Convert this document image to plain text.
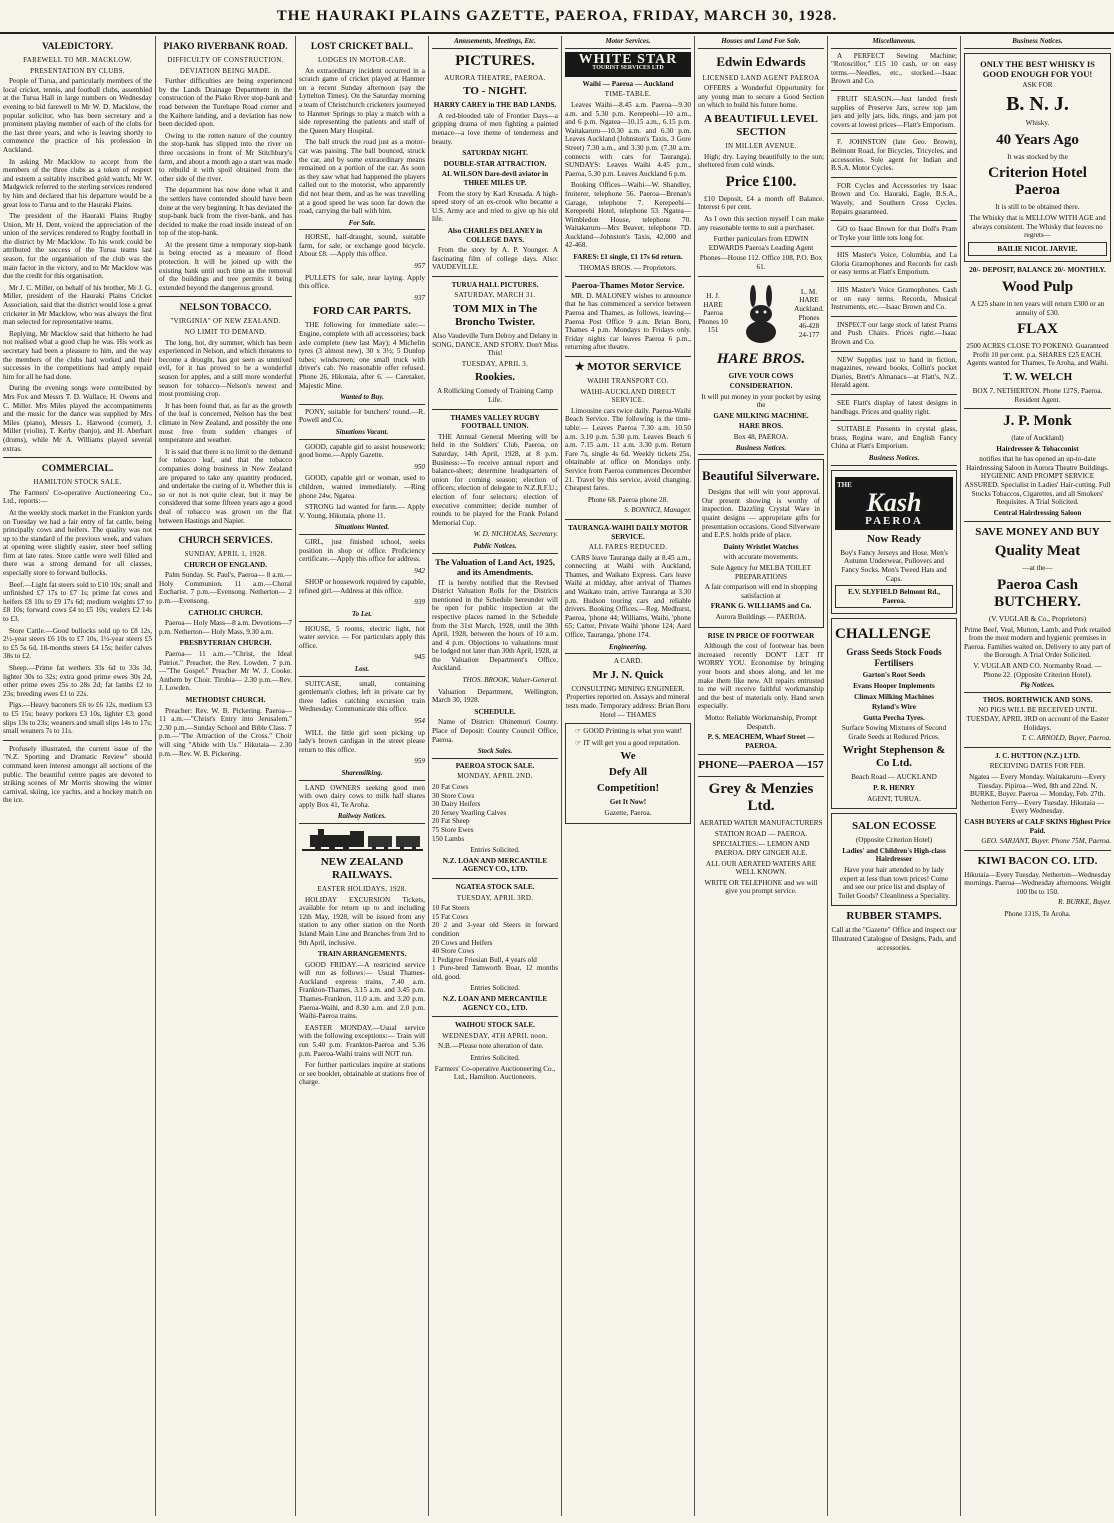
THE HAURAKI PLAINS GAZETTE, PAEROA, FRIDAY, MARCH 30, 1928.
VALEDICTORY.
FAREWELL TO MR. MACKLOW.
PRESENTATION BY CLUBS.

People of Turua, and particularly members of the local cricket, tennis, and football clubs, assembled at the Turua Hall in large numbers on Wednesday evening to bid farewell to Mr W. D. Macklow, the popular solicitor, who has been secretary and a prominent playing member of each of the clubs for the last three years, and who is leaving shortly to commence the practice of his profession in Auckland.

In asking Mr Macklow to accept from the members of the three clubs as a token of respect and esteem a suitably inscribed gold watch, Mr W. Madgwick referred to the sterling services rendered by him and declared that his departure would be a great loss to Turua and to the Hauraki Plains.

The president of the Hauraki Plains Rugby Union, Mr H. Dent, voiced the appreciation of the union of the services rendered to Rugby football in the district by Mr Macklow. To his work could be attributed the success of the Turua teams last season, for the organisation of the club was the main factor in the victory, and to Mr Macklow was due the credit for this organisation.

Mr J. C. Miller, on behalf of his brother, Mr J. G. Miller, president of the Hauraki Plains Cricket Association, said that the district would lose a great cricketer in Mr Macklow, who was always the first man selected for representative teams.

Replying, Mr Macklow said that hitherto he had not realised what a good chap he was. His work as secretary had been a pleasure to him, and the way the members of the clubs had worked and their successes in the competitions had amply repaid him for all he had done.

During the evening songs were contributed by Mrs Fox and Messrs T. D. Wallace, H. Owens and C. Miller. Mrs Miles played the accompaniments and the music for the dance was supplied by Mrs Miles (piano), Messrs L. Harwood (cornet), J. Miller (violin), T. Kerby (banjo), and H. Aberhart (drums), while Mr A. Williams played several extras.

COMMERCIAL.
HAMILTON STOCK SALE.

The Farmers' Co-operative Auctioneering Co., Ltd., reports:—

At the weekly stock market in the Frankton yards on Tuesday we had a fair entry of fat cattle, being principally cows and heifers. The quality was not up to the standard of the previous week, and values at opening were slightly easier, steer beef selling firm at late rates. Store cattle were well filled and there was a strong demand for all classes, especially store to forward bullocks.

Beef.—Light fat steers sold to £10 10s; small and unfinished £7 17s to £7 1s; prime fat cows and heifers £8 10s to £9 17s 6d; medium weights £7 to £8 10s; forward cows £4 to £5 10s; vealers £2 14s to £3.

Store Cattle.—Good bullocks sold up to £8 12s, 2½-year steers £6 10s to £7 10s, 1½-year steers £5 to £5 5s 6d, 18-months steers £4 15s; heifer calves 38s to £2.

Sheep.—Prime fat wethers 33s 6d to 33s 3d, lighter 30s to 32s; extra good prime ewes 30s 2d, other prime ewes 25s to 28s 2d; fat lambs £2 to 23s; breeding ewes £1 to 22s.

Pigs.—Heavy baconers £6 to £6 12s, medium £3 to £5 15s; heavy porkers £3 10s, lighter £3; good slips 13s to 23s; weaners and small slips 14s to 17s; small weaners 7s to 11s.

Profusely illustrated, the current issue of the "N.Z. Sporting and Dramatic Review" should command keen interest amongst all sections of the public. The beautiful centre pages are devoted to striking scenes of Mr Morris showing the winter carnival, skiing, ice yachts, and a hockey match on the ice.

PIAKO RIVERBANK ROAD.
DIFFICULTY OF CONSTRUCTION.
DEVIATION BEING MADE.

Further difficulties are being experienced by the Lands Drainage Department in the construction of the Piako River stop-bank and road between the Turehape Road corner and the Kaihere landing, and a deviation has now been decided upon.

Owing to the rotten nature of the country the stop-bank has slipped into the river on three occasions in front of Mr Stitchbury's farm, and about a month ago a start was made to rebuild it with spoil obtained from the other side of the river.

The department has now done what it and the settlers have contended should have been done at the very beginning. It has deviated the stop-bank back from the river-bank, and has decided to make the road inside instead of on top of the stop-bank.

At the present time a temporary stop-bank is being erected as a measure of flood protection. It will be joined up with the existing bank until such time as the removal of the buildings and tree permits it being extended beyond the dangerous ground.

NELSON TOBACCO.
"VIRGINIA" OF NEW ZEALAND.
NO LIMIT TO DEMAND.

The long, hot, dry summer, which has been experienced in Nelson, and which threatens to become a drought, has got seen as unmixed evil, for it has proved to be a wonderful season for apples, and a still more wonderful season for tobacco—Nelson's newest and most promising crop.

It has been found that, as far as the growth of the leaf is concerned, Nelson has the best climate in New Zealand, and possibly the one most free from sudden changes of temperature and weather.

It is said that there is no limit to the demand for tobacco leaf, and that the tobacco companies doing business in New Zealand are prepared to take any quantity produced, and undertake the curing of it. Whether this is so or not is not quite clear, but it may be considered that some fifteen years ago a good deal of tobacco was grown on the flat between Hastings and Napier.

CHURCH SERVICES.
SUNDAY, APRIL 1, 1928.
CHURCH OF ENGLAND.

Palm Sunday. St. Paul's, Paeroa— 8 a.m.—Holy Communion. 11 a.m.—Choral Eucharist. 7 p.m.—Evensong. Netherton— 2 p.m.—Evensong.

CATHOLIC CHURCH.

Paeroa— Holy Mass—8 a.m. Devotions—7 p.m. Netherton— Holy Mass, 9.30 a.m.

PRESBYTERIAN CHURCH.

Paeroa— 11 a.m.—"Christ, the Ideal Patriot." Preacher, the Rev. Lowden. 7 p.m.—"The Gospel." Preacher Mr W. J. Cooke. Anthem by Choir. Tirohia— 2.30 p.m.—Rev. J. Lowden.

METHODIST CHURCH.

Preacher: Rev. W. B. Pickering. Paeroa— 11 a.m.—"Christ's Entry into Jerusalem." 2.30 p.m.—Sunday School and Bible Class. 7 p.m.—"The Attraction of the Cross." Choir will sing "Abide with Us." Hikutaia— 2.30 p.m.—Rev. W. B. Pickering.

LOST CRICKET BALL.
LODGES IN MOTOR-CAR.

An extraordinary incident occurred in a scratch game of cricket played at Hanmer on a recent Sunday afternoon (say the Lyttelton Times). On the Saturday morning a team of Christchurch cricketers journeyed to Hanmer Springs to play a match with a side representing the patients and staff of the Queen Mary Hospital.

The ball struck the road just as a motor-car was passing. The ball bounced, struck the car, and by some extraordinary means remained on a portion of the car. As soon as they saw what had happened the players called out to the motorist, who apparently did not hear them, and as he was travelling at a good speed he was soon far down the road, carrying the ball with him.

For Sale.

HORSE, half-draught, sound, suitable farm, for sale, or exchange good bicycle. About £8. —Apply this office.

957

PULLETS for sale, near laying. Apply this office.

937
FORD CAR PARTS.

THE following for immediate sale:—Engine, complete with all accessories; back axle complete (new last May); 4 Michelin tyres (3 almost new), 30 x 3½; 5 Dunlop tubes; windscreen; one small truck with driver's cab. No reasonable offer refused. Phone 26, Hikutaia, after 6. — Caretaker, Majestic Mine.

Wanted to Buy.

PONY, suitable for butchers' round.—R. Powell and Co.

Situations Vacant.

GOOD, capable girl to assist housework; good home.—Apply Gazette.

950

GOOD, capable girl or woman, used to children, wanted immediately. —Ring phone 24w, Ngatea.

STRONG lad wanted for farm.— Apply V. Young, Hikutaia, phone 11.

Situations Wanted.

GIRL, just finished school, seeks position in shop or office. Proficiency certificate.—Apply this office for address.

942

SHOP or housework required by capable, refined girl.—Address at this office.

939
To Let.

HOUSE, 5 rooms, electric light, hot water service. — For particulars apply this office.

945
Lost.

SUITCASE, small, containing gentleman's clothes, left in private car by three ladies catching excursion train Wednesday. Communicate this office.

954

WILL the little girl seen picking up lady's brown cardigan in the street please return to this office.

959
Sharemilking.

LAND OWNERS seeking good men with own dairy cows to milk half shares apply Box 41, Te Aroha.

Railway Notices.
NEW ZEALAND RAILWAYS.
EASTER HOLIDAYS, 1928.

HOLIDAY EXCURSION Tickets, available for return up to and including 12th May, 1928, will be issued from any station to any other station on the North Island Main Line and Branches from 3rd to 9th April, inclusive.

TRAIN ARRANGEMENTS.

GOOD FRIDAY.—A restricted service will run as follows:— Usual Thames-Auckland express trains, 7.40 a.m. Frankton-Thames, 3.15 a.m. and 3.45 p.m. Thames-Frankton, 11.0 a.m. and 3.20 p.m. Paeroa-Waihi, and 8.30 a.m. and 2.0 p.m. Waihi-Paeroa trains.

EASTER MONDAY.—Usual service with the following exceptions:— Train will run 5.40 p.m. Frankton-Paeroa and 5.36 p.m. Paeroa-Waihi trains will NOT run.

For further particulars inquire at stations or see booklet, obtainable at stations free of charge.

Amusements, Meetings, Etc.
PICTURES.
AURORA THEATRE, PAEROA.
TO - NIGHT.
HARRY CAREY in THE BAD LANDS.

A red-blooded tale of Frontier Days—a gripping drama of men fighting a painted menace—a love theme of tenderness and beauty.

SATURDAY NIGHT.
DOUBLE-STAR ATTRACTION.
AL WILSON Dare-devil aviator in THREE MILES UP.

From the story by Karl Krusada. A high-speed story of an ex-crook who became a U.S. Army ace and tried to give up his old life.

Also CHARLES DELANEY in COLLEGE DAYS.

From the story by A. P. Younger. A fascinating film of college days. Also: VAUDEVILLE.

TURUA HALL PICTURES.
SATURDAY, MARCH 31.
TOM MIX in The Broncho Twister.

Also Vaudeville Turn Delroy and Delany in SONG, DANCE, AND STORY. Don't Miss This!

TUESDAY, APRIL 3.
Rookies.

A Rollicking Comedy of Training Camp Life.

THAMES VALLEY RUGBY FOOTBALL UNION.

THE Annual General Meeting will be held in the Soldiers' Club, Paeroa, on Saturday, 14th April, 1928, at 8 p.m. Business:—To receive annual report and balance-sheet; determine headquarters of union for coming season; election of officers; election of delegate to N.Z.R.F.U.; election of four selectors; election of executive committee; decide number of rounds to be played for the Frank Poland Memorial Cup.

W. D. NICHOLAS, Secretary.
Public Notices.
The Valuation of Land Act, 1925, and its Amendments.

IT is hereby notified that the Revised District Valuation Rolls for the Districts mentioned in the Schedule hereunder will be open for public inspection at the respective places named in the Schedule from the 31st March, 1928, until the 30th April, 1928, between the hours of 10 a.m. and 4 p.m. Objections to valuations must be lodged not later than 30th April, 1928, at the Valuation Department's Office, Auckland.

THOS. BROOK, Valuer-General.

Valuation Department, Wellington, March 30, 1928.

SCHEDULE.

Name of District: Ohinemuri County. Place of Deposit: County Council Office, Paeroa.

Stock Sales.
PAEROA STOCK SALE.
MONDAY, APRIL 2ND.

20 Fat Cows
30 Store Cows
30 Dairy Heifers
20 Jersey Yearling Calves
20 Fat Sheep
75 Store Ewes
150 Lambs

Entries Solicited.
N.Z. LOAN AND MERCANTILE AGENCY CO., LTD.
NGATEA STOCK SALE.
TUESDAY, APRIL 3RD.

10 Fat Steers
15 Fat Cows
20 2 and 3-year old Steers in forward condition
20 Cows and Heifers
40 Store Cows
1 Pedigree Friesian Bull, 4 years old
1 Pure-bred Tamworth Boar, 12 months old, good.

Entries Solicited.
N.Z. LOAN AND MERCANTILE AGENCY CO., LTD.
WAIHOU STOCK SALE.
WEDNESDAY, 4TH APRIL noon.

N.B.—Please note alteration of date.

Entries Solicited.

Farmers' Co-operative Auctioneering Co., Ltd., Hamilton. Auctioneers.

Motor Services.
WHITE STAR
TOURIST SERVICES LTD
Waihi — Paeroa — Auckland
TIME-TABLE.

Leaves Waihi—8.45 a.m. Paeroa—9.30 a.m. and 5.30 p.m. Kerepeehi—10 a.m., and 6 p.m. Ngatea—10.15 a.m., 6.15 p.m. Waitakaruru—10.30 a.m. and 6.30 p.m. Leaves Auckland (Johnston's Taxis, 3 Gore Street) 7.30 a.m., and 3.30 p.m. (7.30 a.m. connects with cars for Tauranga). SUNDAYS: Leaves Waihi 4.45 p.m., Paeroa, 5.30 p.m. Leaves Auckland 6 p.m.

Booking Offices—Waihi—W. Shandley, fruiterer, telephone 56. Paeroa—Brenan's Garage, telephone 7. Kerepeehi—Kerepeehi Hotel, telephone 53. Ngatea—Wimbledon House, telephone 70. Waitakaruru—Mrs Beaver, telephone 7D. Auckland—Johnston's Taxis, 42,000 and 42-468.

FARES: £1 single, £1 17s 6d return.
THOMAS BROS. — Proprietors.
Paeroa-Thames Motor Service.

MR. D. MALONEY wishes to announce that he has commenced a service between Paeroa and Thames, as follows, leaving— Paeroa Post Office 9 a.m. Brian Boru, Thames 4 p.m. Mondays to Fridays only. Friday nights car leaves Paeroa 6 p.m., returning after theatre.

★ MOTOR SERVICE
WAIHI TRANSPORT CO.
WAIHI-AUCKLAND DIRECT SERVICE.

Limousine cars twice daily. Paeroa-Waihi Beach Service. The following is the time-table:— Leaves Paeroa 7.30 a.m. 10.50 a.m. 3.10 p.m. 5.30 p.m. Leaves Beach 6 a.m. 7.15 a.m. 11 a.m. 3.30 p.m. Return Fare 7s, single 4s 6d. Weekly tickets 25s, obtainable at office on Mondays only. Service from Paeroa commences December 21. Travel by this service, avoid changing. Cheapest fares.

Phone 68. Paeroa phone 28.
S. BONNICI, Manager.
TAURANGA-WAIHI DAILY MOTOR SERVICE.
ALL FARES REDUCED.

CARS leave Tauranga daily at 8.45 a.m., connecting at Waihi with Auckland, Thames, and Waikato Express. Cars leave Waihi at midday, after arrival of Thames and Waikato train, arrive Tauranga at 3.30 p.m. Hudson touring cars and reliable drivers. Booking Offices.—Reg. Medhurst, Paeroa, 'phone 44; Williams, Waihi, 'phone 65; Carter, Private Waihi 'phone 124; Aard Office, Tauranga, 'phone 174.

Engineering.
A CARD.
Mr J. N. Quick

CONSULTING MINING ENGINEER. Properties reported on. Assays and mineral tests made. Temporary address: Brian Boru Hotel — THAMES

☞ GOOD Printing is what you want!

☞ IT will get you a good reputation.

We
Defy All
Competition!
Get It Now!
Gazette, Paeroa.
Houses and Land For Sale.
Edwin Edwards
LICENSED LAND AGENT PAEROA

OFFERS a Wonderful Opportunity for any young man to secure a Good Section on which to build his future home.

A BEAUTIFUL LEVEL SECTION
IN MILLER AVENUE.

High; dry. Laying beautifully to the sun; sheltered from cold winds.

Price £100.

£10 Deposit, £4 a month off Balance. Interest 6 per cent.

As I own this section myself I can make any reasonable terms to suit a purchaser.

Further particulars from EDWIN EDWARDS Paeroa's Leading Agent

Phones—House 112. Office 108, P.O. Box 61.
H. J. HARE Paeroa Phones 10 151
L. M. HARE Auckland. Phones 46-428 24-177
HARE BROS.
GIVE YOUR COWS
CONSIDERATION.

It will put money in your pocket by using the

GANE MILKING MACHINE.
HARE BROS.
Box 48, PAEROA.
Business Notices.
Beautiful Silverware.

Designs that will win your approval. Our present showing is worthy of inspection. Dazzling Crystal Ware in quaint designs — appropriate gifts for presentation occasions. Good Silverware and E.P.S. holds pride of place.

Dainty Wristlet Watches
with accurate movements.
Sole Agency for MELBA TOILET PREPARATIONS

A fair comparison will end in shopping satisfaction at

FRANK G. WILLIAMS and Co.
Aurora Buildings — PAEROA.
RISE IN PRICE OF FOOTWEAR

Although the cost of footwear has been increased recently DON'T LET IT WORRY YOU. Economise by bringing your boots and shoes along, and let me make them like new. All repairs entrusted to me will receive faithful workmanship and the best of materials only. Hand sewn especially.

Motto: Reliable Workmanship, Prompt Despatch.
P. S. MEACHEM, Wharf Street — PAEROA.
PHONE—PAEROA —157
Grey & Menzies Ltd.
AERATED WATER MANUFACTURERS
STATION ROAD — PAEROA.

SPECIALTIES:— LEMON AND PAEROA. DRY GINGER ALE.

ALL OUR AERATED WATERS ARE WELL KNOWN.

WRITE OR TELEPHONE and we will give you prompt service.

Miscellaneous.

A PERFECT Sewing Machine; "Rotoscillor," £15 10 cash, or on easy terms.—Needles, etc., stocked.—Isaac Brown and Co.

FRUIT SEASON.—Just landed fresh supplies of Preserve Jars, screw top jam jars and jelly jars, lids, rings, and jam pot covers at lowest prices—Flatt's Emporium.

F. JOHNSTON (late Geo. Brown), Belmont Road, for Bicycles, Tricycles, and accessories. Sole agent for Indian and B.S.A. Motor Cycles.

FOR Cycles and Accessories try Isaac Brown and Co. Hauraki, Eagle, B.S.A., Wavely, and Southern Cross Cycles. Repairs guaranteed.

GO to Isaac Brown for that Doll's Pram or Tryke your little tots long for.

HIS Master's Voice, Columbia, and La Gloria Gramophones and Records for cash or easy terms at Flatt's Emporium.

HIS Master's Voice Gramophones. Cash or on easy terms. Records, Musical Instruments, etc.—Isaac Brown and Co.

INSPECT our large stock of latest Prams and Push Chairs. Prices right.—Isaac Brown and Co.

NEW Supplies just to hand in fiction, magazines, reward books, Collin's pocket Diaries, Brett's Almanacs—at Flatt's, N.Z. Herald agent.

SEE Flatt's display of latest designs in handbags. Prices and quality right.

SUITABLE Presents in crystal glass, brass, Regina ware, and English Fancy China at Flatt's Emporium.

Business Notices.
THE
Kash
PAEROA
Now Ready

Boy's Fancy Jerseys and Hose. Men's Autumn Underwear, Pullovers and Fancy Socks. Men's Tweed Hats and Caps.

E.V. SLYFIELD Belmont Rd., Paeroa.
CHALLENGE
Grass Seeds Stock Foods Fertilisers
Garton's Root Seeds
Evans Hooper Implements
Climax Milking Machines
Ryland's Wire
Gutta Percha Tyres.

Surface Sowing Mixtures of Second Grade Seeds at Reduced Prices.

Wright Stephenson & Co Ltd.
Beach Road — AUCKLAND
P. R. HENRY
AGENT, TURUA.
SALON ECOSSE
(Opposite Criterion Hotel)
Ladies' and Children's High-class Hairdresser

Have your hair attended to by lady expert at less than town prices! Come and see our price list and display of Toilet Goods? Cleanliness a Speciality.

RUBBER STAMPS.

Call at the "Gazette" Office and inspect our Illustrated Catalogue of Designs, Pads, and accessories.

Business Notices.

ONLY THE BEST WHISKY IS GOOD ENOUGH FOR YOU!

ASK FOR
B. N. J.
Whisky.
40 Years Ago
It was stocked by the
Criterion Hotel Paeroa
It is still to be obtained there.

The Whisky that is MELLOW WITH AGE and always consistent. The Whisky that leaves no regrets—

BAILIE NICOL JARVIE.
20/- DEPOSIT, BALANCE 20/- MONTHLY.
Wood Pulp

A £25 share in ten years will return £300 or an annuity of £30.

FLAX

2500 ACRES CLOSE TO POKENO. Guaranteed Profit 10 per cent. p.a. SHARES £25 EACH. Agents wanted for Thames, Te Aroha, and Waihi.

T. W. WELCH

BOX 7, NETHERTON. Phone 127S, Paeroa. Resident Agent.

J. P. Monk
(late of Auckland)
Hairdresser & Tobacconist

notifies that he has opened an up-to-date Hairdressing Saloon in Aurora Theatre Buildings. HYGIENIC AND PROMPT SERVICE ASSURED. Specialist in Ladies' Hair-cutting. Full Stocks Tobaccos, Cigarettes, and all Smokers' Requisites. A Trial Solicited.

Central Hairdressing Saloon
SAVE MONEY AND BUY
Quality Meat
—at the—
Paeroa Cash BUTCHERY.
(V. VUGLAR & Co., Proprietors)

Prime Beef, Veal, Mutton, Lamb, and Pork retailed from the most modern and hygienic premises in Paeroa. Families waited on. Delivery to any part of the Borough. A Trial Order Solicited.

V. VUGLAR AND CO. Normanby Road. — Phone 22. (Opposite Criterion Hotel).

Pig Notices.
THOS. BORTHWICK AND SONS.

NO PIGS WILL BE RECEIVED UNTIL TUESDAY, APRIL 3RD on account of the Easter Holidays.

T. C. ARNOLD, Buyer, Paeroa.
J. C. HUTTON (N.Z.) LTD.
RECEIVING DATES FOR FEB.

Ngatea — Every Monday. Waitakaruru—Every Tuesday. Pipiroa—Wed, 8th and 22nd. N. BURKE, Buyer. Paeroa — Monday, Feb. 27th. Netherton Ferry—Every Tuesday. Hikutaia — Every Wednesday.

CASH BUYERS of CALF SKINS Highest Price Paid.
GEO. SARJANT, Buyer. Phone 75M, Paeroa.
KIWI BACON CO. LTD.

Hikutaia—Every Tuesday. Netherton—Wednesday mornings. Paeroa—Wednesday afternoons. Weight 100 lbs to 150.

R. BURKE, Buyer.
Phone 131S, Te Aroha.
